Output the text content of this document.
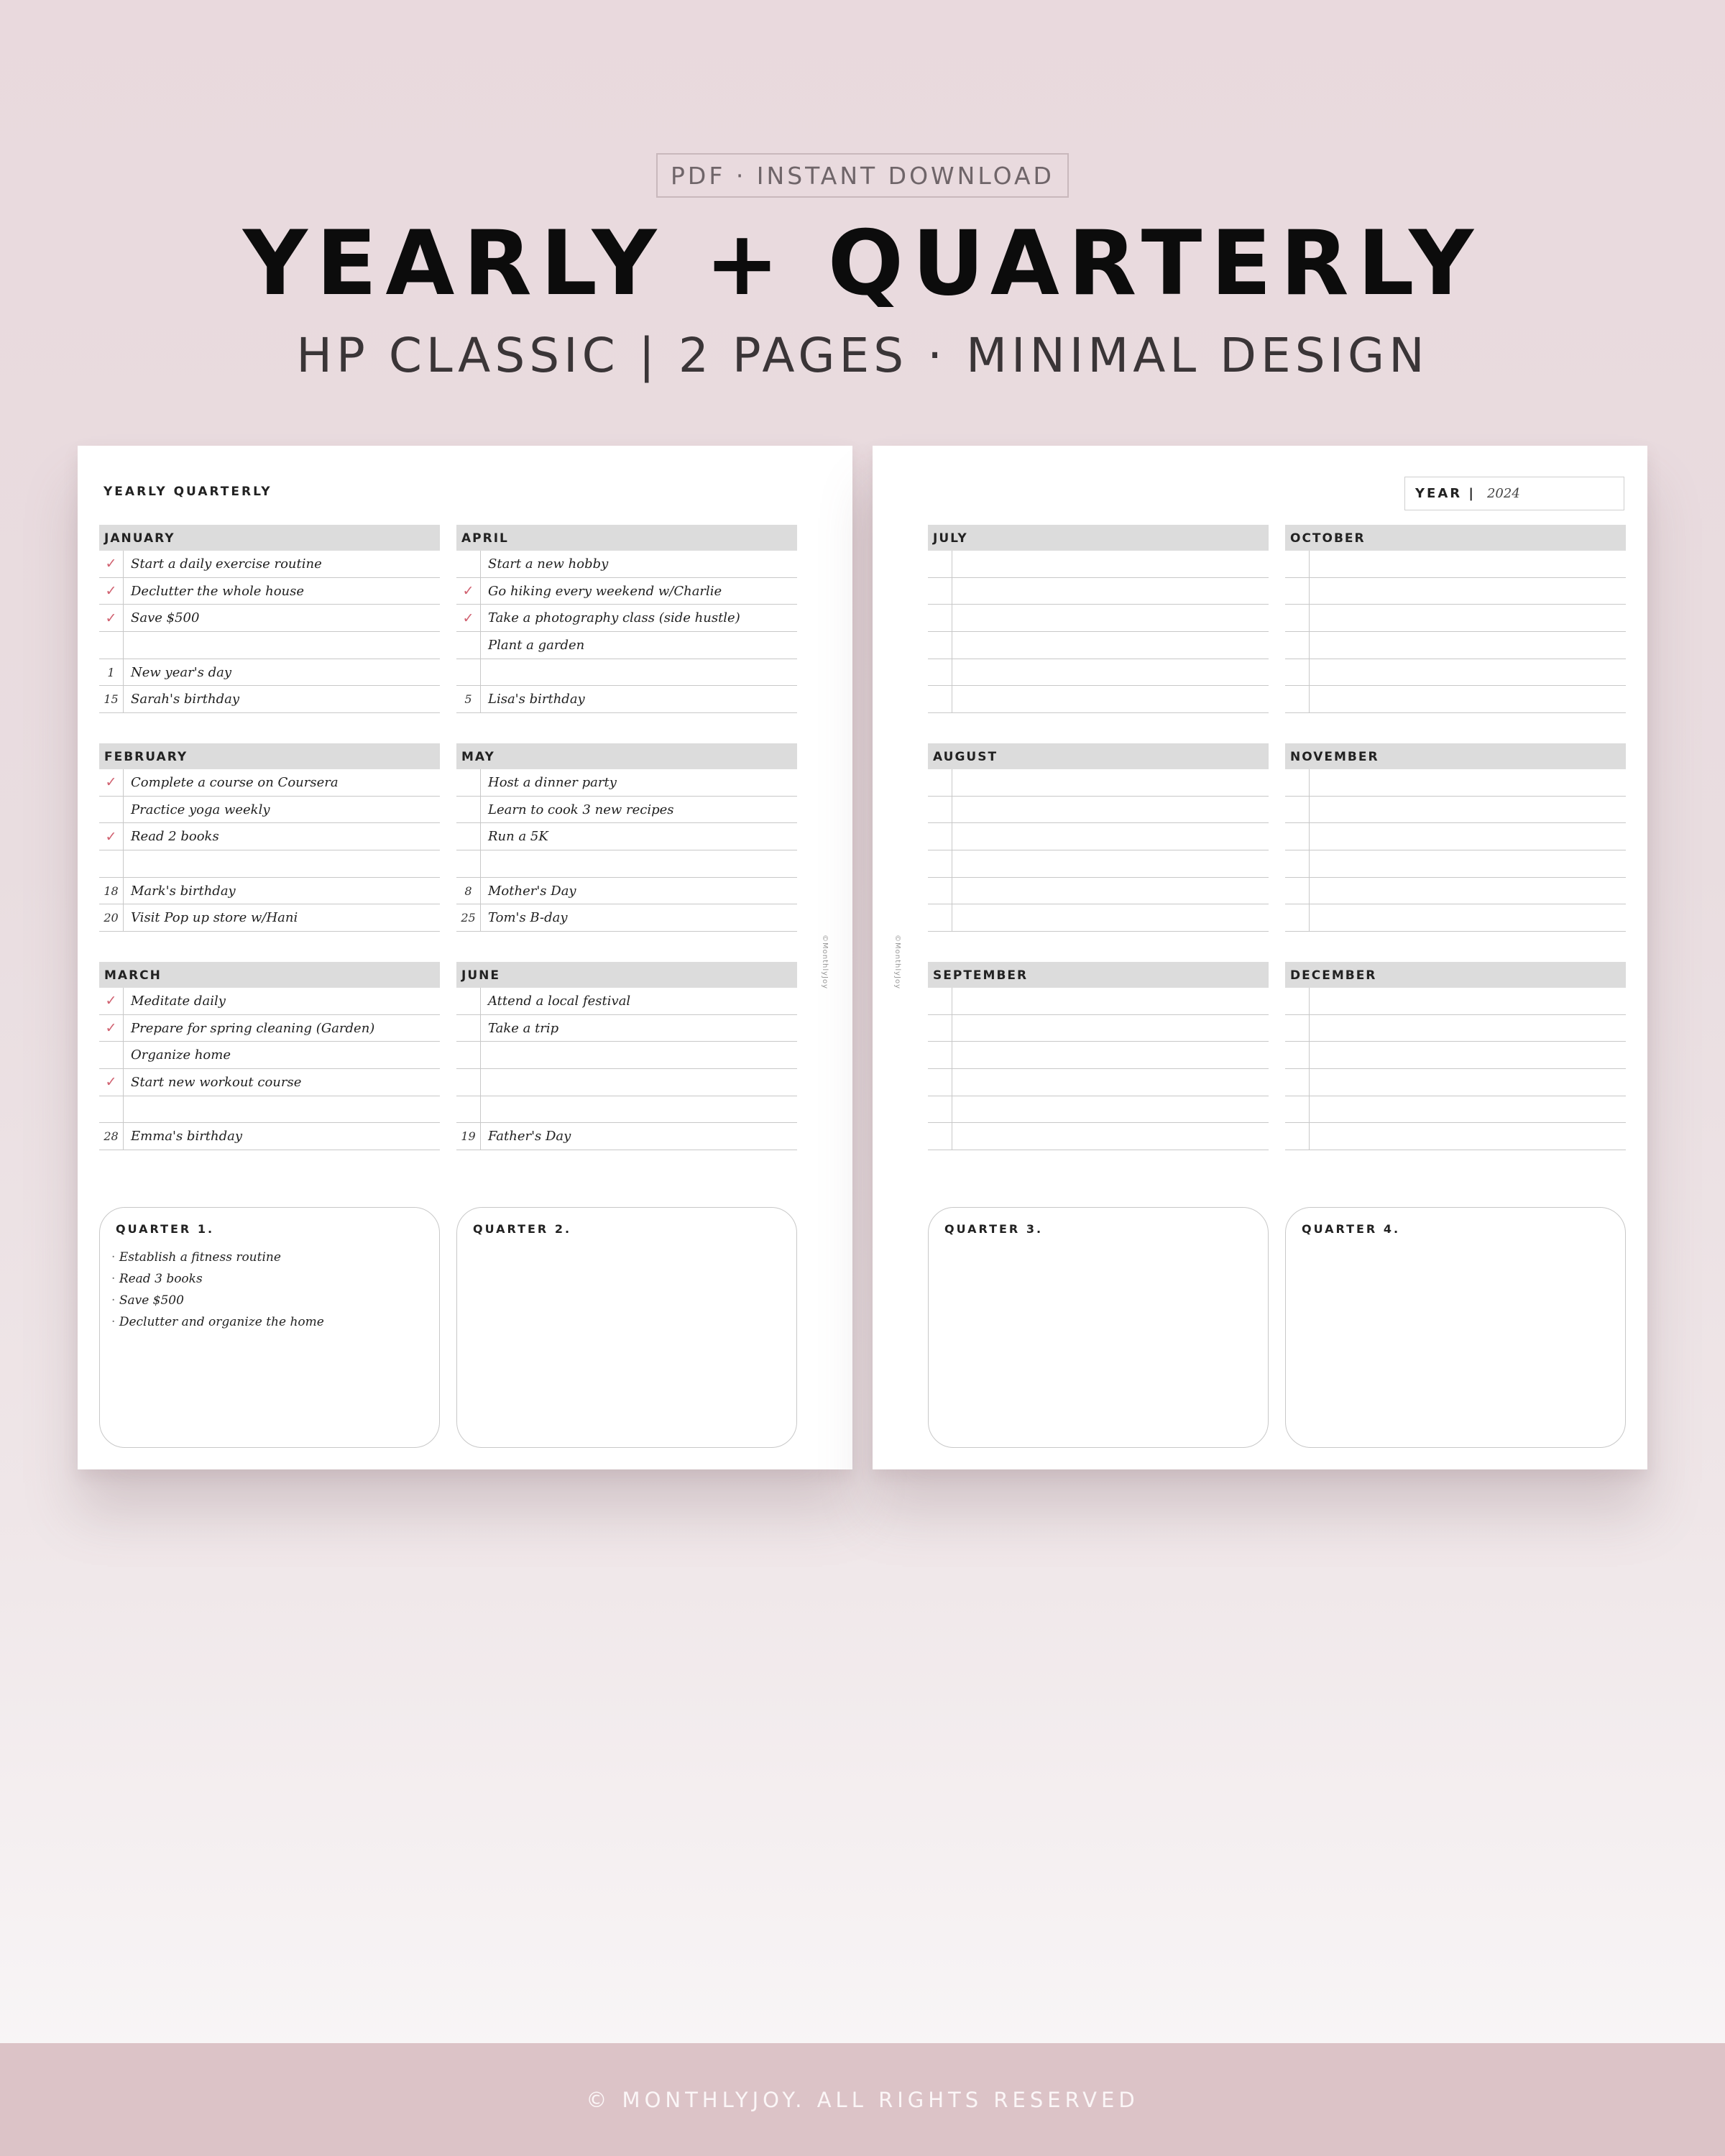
PDF · INSTANT DOWNLOAD
YEARLY + QUARTERLY
HP CLASSIC | 2 PAGES · MINIMAL DESIGN
YEARLY QUARTERLY
©MonthlyJoy
JANUARY
✓	Start a daily exercise routine
✓	Declutter the whole house
✓	Save $500
1	New year's day
15 Sarah's birthday
APRIL
Start a new hobby
✓	Go hiking every weekend w/Charlie
✓	Take a photography class (side hustle)
Plant a garden
5	Lisa's birthday
FEBRUARY
✓	Complete a course on Coursera
Practice yoga weekly
✓	Read 2 books
18 Mark's birthday
20 Visit Pop up store w/Hani
MAY
Host a dinner party
Learn to cook 3 new recipes
Run a 5K
8	Mother's Day
25 Tom's B-day
MARCH
✓	Meditate daily
✓	Prepare for spring cleaning (Garden)
Organize home
✓	Start new workout course
28 Emma's birthday
JUNE
Attend a local festival
Take a trip
19 Father's Day
QUARTER 1.
· Establish a fitness routine
· Read 3 books
· Save $500
· Declutter and organize the home
QUARTER 2.
©MonthlyJoy
YEAR | 2024
JULY	OCTOBER
AUGUST	NOVEMBER
SEPTEMBER	DECEMBER
QUARTER 3.	QUARTER 4.
© MONTHLYJOY. ALL RIGHTS RESERVED
